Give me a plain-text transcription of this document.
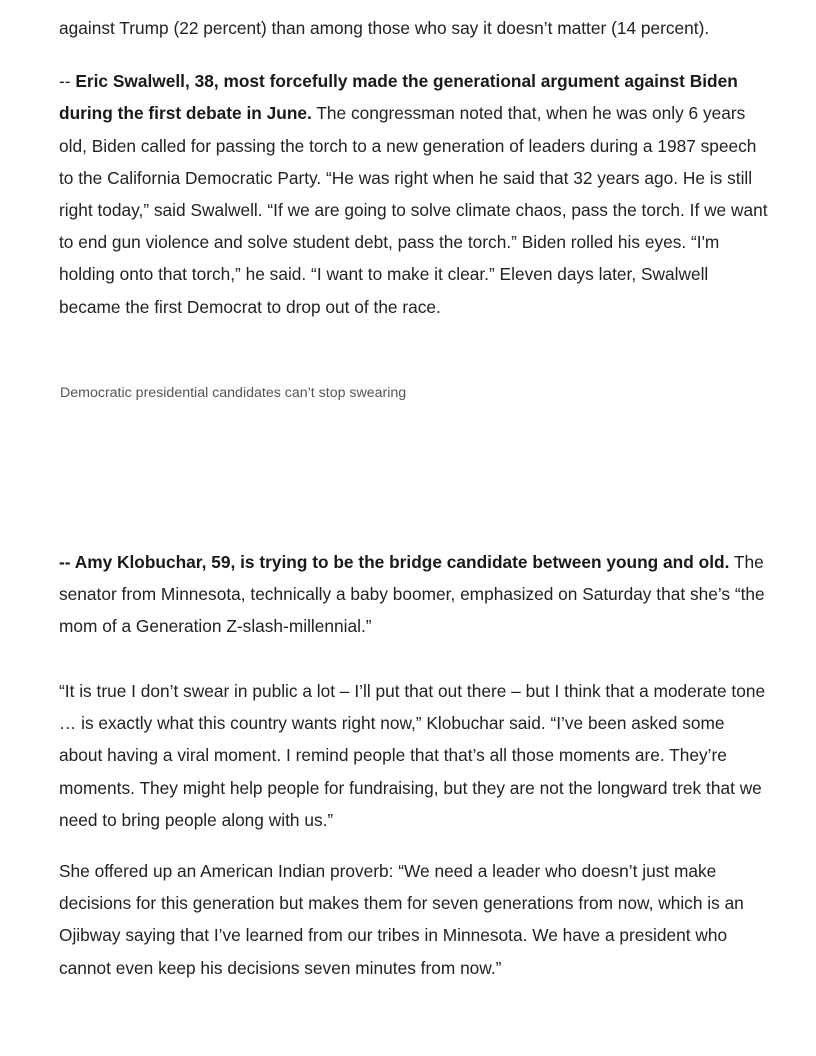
against Trump (22 percent) than among those who say it doesn’t matter (14 percent).

-- Eric Swalwell, 38, most forcefully made the generational argument against Biden during the first debate in June. The congressman noted that, when he was only 6 years old, Biden called for passing the torch to a new generation of leaders during a 1987 speech to the California Democratic Party. “He was right when he said that 32 years ago. He is still right today,” said Swalwell. “If we are going to solve climate chaos, pass the torch. If we want to end gun violence and solve student debt, pass the torch.” Biden rolled his eyes. “I'm holding onto that torch,” he said. “I want to make it clear.” Eleven days later, Swalwell became the first Democrat to drop out of the race.

Democratic presidential candidates can’t stop swearing

-- Amy Klobuchar, 59, is trying to be the bridge candidate between young and old. The senator from Minnesota, technically a baby boomer, emphasized on Saturday that she’s “the mom of a Generation Z-slash-millennial.”

“It is true I don’t swear in public a lot – I’ll put that out there – but I think that a moderate tone … is exactly what this country wants right now,” Klobuchar said. “I’ve been asked some about having a viral moment. I remind people that that’s all those moments are. They’re moments. They might help people for fundraising, but they are not the longward trek that we need to bring people along with us.”

She offered up an American Indian proverb: “We need a leader who doesn’t just make decisions for this generation but makes them for seven generations from now, which is an Ojibway saying that I’ve learned from our tribes in Minnesota. We have a president who cannot even keep his decisions seven minutes from now.”
